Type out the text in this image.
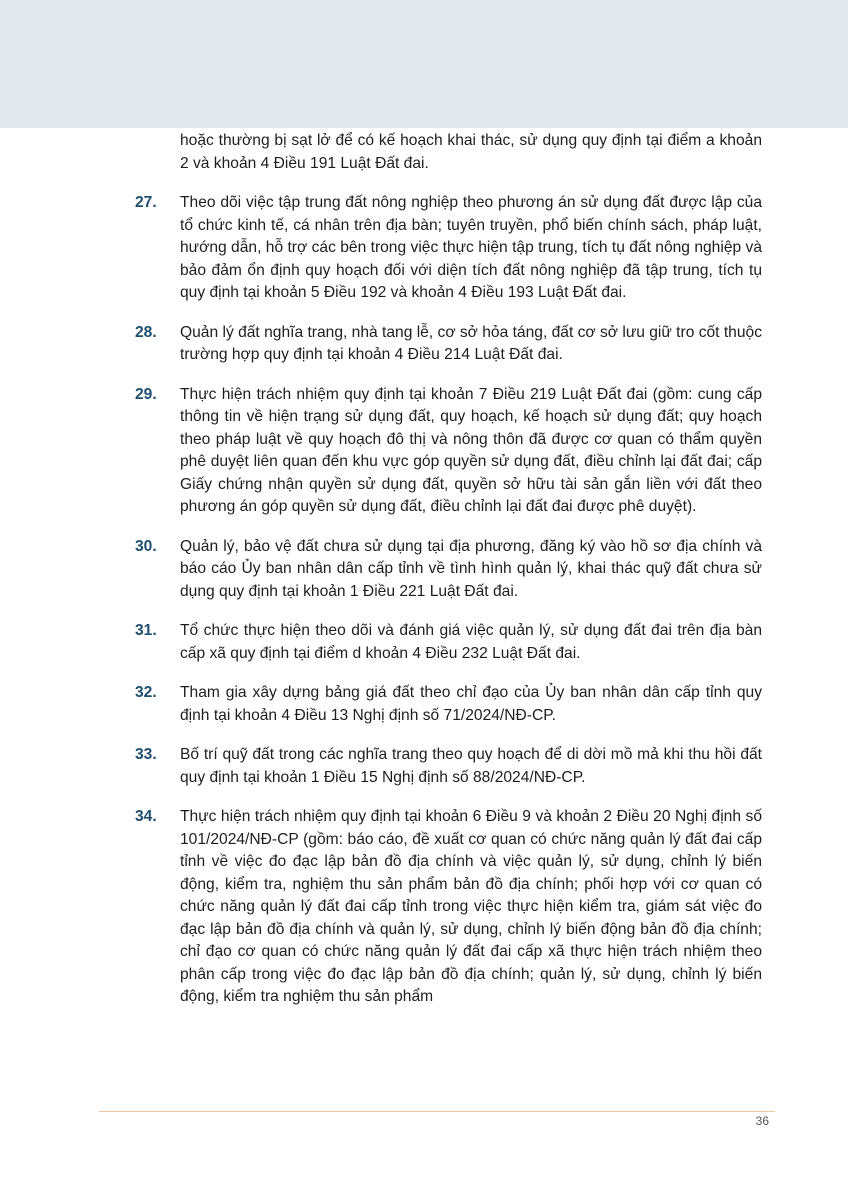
hoặc thường bị sạt lở để có kế hoạch khai thác, sử dụng quy định tại điểm a khoản 2 và khoản 4 Điều 191 Luật Đất đai.
27. Theo dõi việc tập trung đất nông nghiệp theo phương án sử dụng đất được lập của tổ chức kinh tế, cá nhân trên địa bàn; tuyên truyền, phổ biến chính sách, pháp luật, hướng dẫn, hỗ trợ các bên trong việc thực hiện tập trung, tích tụ đất nông nghiệp và bảo đảm ổn định quy hoạch đối với diện tích đất nông nghiệp đã tập trung, tích tụ quy định tại khoản 5 Điều 192 và khoản 4 Điều 193 Luật Đất đai.
28. Quản lý đất nghĩa trang, nhà tang lễ, cơ sở hỏa táng, đất cơ sở lưu giữ tro cốt thuộc trường hợp quy định tại khoản 4 Điều 214 Luật Đất đai.
29. Thực hiện trách nhiệm quy định tại khoản 7 Điều 219 Luật Đất đai (gồm: cung cấp thông tin về hiện trạng sử dụng đất, quy hoạch, kế hoạch sử dụng đất; quy hoạch theo pháp luật về quy hoạch đô thị và nông thôn đã được cơ quan có thẩm quyền phê duyệt liên quan đến khu vực góp quyền sử dụng đất, điều chỉnh lại đất đai; cấp Giấy chứng nhận quyền sử dụng đất, quyền sở hữu tài sản gắn liền với đất theo phương án góp quyền sử dụng đất, điều chỉnh lại đất đai được phê duyệt).
30. Quản lý, bảo vệ đất chưa sử dụng tại địa phương, đăng ký vào hồ sơ địa chính và báo cáo Ủy ban nhân dân cấp tỉnh về tình hình quản lý, khai thác quỹ đất chưa sử dụng quy định tại khoản 1 Điều 221 Luật Đất đai.
31. Tổ chức thực hiện theo dõi và đánh giá việc quản lý, sử dụng đất đai trên địa bàn cấp xã quy định tại điểm d khoản 4 Điều 232 Luật Đất đai.
32. Tham gia xây dựng bảng giá đất theo chỉ đạo của Ủy ban nhân dân cấp tỉnh quy định tại khoản 4 Điều 13 Nghị định số 71/2024/NĐ-CP.
33. Bố trí quỹ đất trong các nghĩa trang theo quy hoạch để di dời mồ mả khi thu hồi đất quy định tại khoản 1 Điều 15 Nghị định số 88/2024/NĐ-CP.
34. Thực hiện trách nhiệm quy định tại khoản 6 Điều 9 và khoản 2 Điều 20 Nghị định số 101/2024/NĐ-CP (gồm: báo cáo, đề xuất cơ quan có chức năng quản lý đất đai cấp tỉnh về việc đo đạc lập bản đồ địa chính và việc quản lý, sử dụng, chỉnh lý biến động, kiểm tra, nghiệm thu sản phẩm bản đồ địa chính; phối hợp với cơ quan có chức năng quản lý đất đai cấp tỉnh trong việc thực hiện kiểm tra, giám sát việc đo đạc lập bản đồ địa chính và quản lý, sử dụng, chỉnh lý biến động bản đồ địa chính; chỉ đạo cơ quan có chức năng quản lý đất đai cấp xã thực hiện trách nhiệm theo phân cấp trong việc đo đạc lập bản đồ địa chính; quản lý, sử dụng, chỉnh lý biến động, kiểm tra nghiệm thu sản phẩm
36
